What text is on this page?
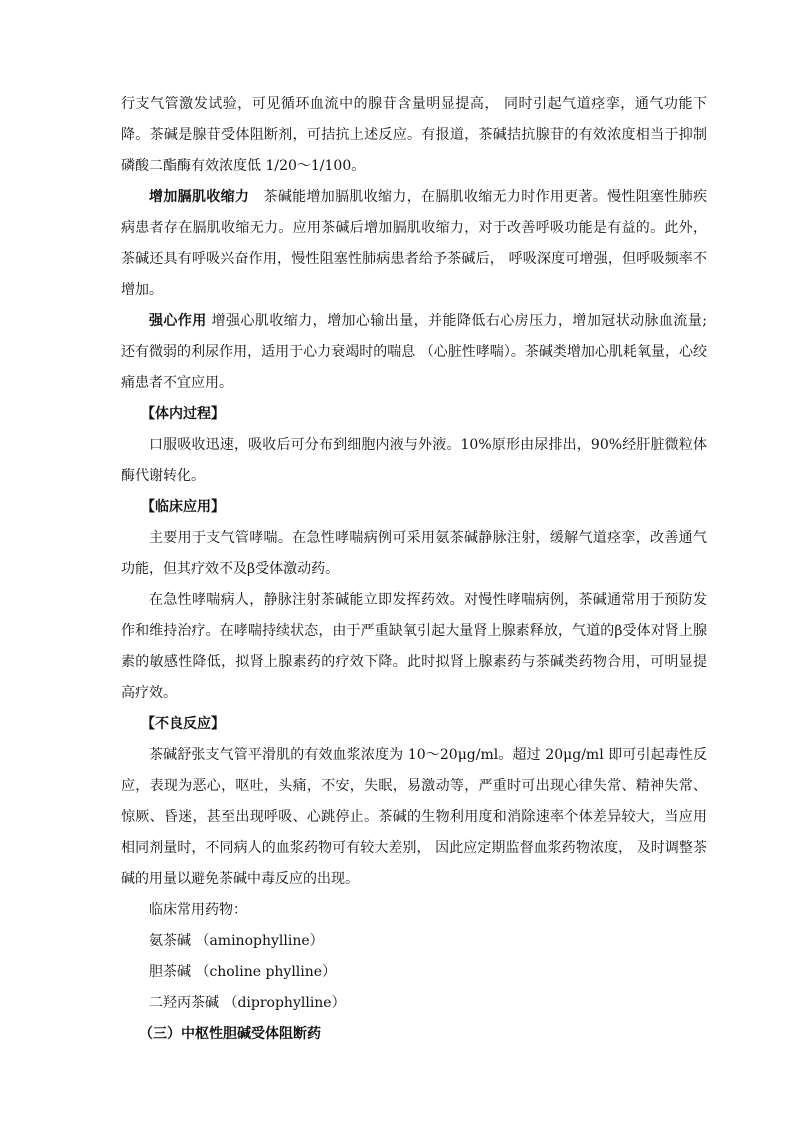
行支气管激发试验，可见循环血流中的腺苷含量明显提高， 同时引起气道痉挛，通气功能下降。茶碱是腺苷受体阻断剂，可拮抗上述反应。有报道，茶碱拮抗腺苷的有效浓度相当于抑制磷酸二酯酶有效浓度低 1/20～1/100。

增加膈肌收缩力　茶碱能增加膈肌收缩力，在膈肌收缩无力时作用更著。慢性阻塞性肺疾病患者存在膈肌收缩无力。应用茶碱后增加膈肌收缩力，对于改善呼吸功能是有益的。此外，茶碱还具有呼吸兴奋作用，慢性阻塞性肺病患者给予茶碱后， 呼吸深度可增强，但呼吸频率不增加。

强心作用 增强心肌收缩力，增加心输出量，并能降低右心房压力，增加冠状动脉血流量; 还有微弱的利尿作用，适用于心力衰竭时的喘息 （心脏性哮喘）。茶碱类增加心肌耗氧量，心绞痛患者不宜应用。

【体内过程】

口服吸收迅速，吸收后可分布到细胞内液与外液。10%原形由尿排出，90%经肝脏微粒体酶代谢转化。

【临床应用】

主要用于支气管哮喘。在急性哮喘病例可采用氨茶碱静脉注射，缓解气道痉挛，改善通气功能，但其疗效不及β受体激动药。

在急性哮喘病人，静脉注射茶碱能立即发挥药效。对慢性哮喘病例，茶碱通常用于预防发作和维持治疗。在哮喘持续状态，由于严重缺氧引起大量肾上腺素释放，气道的β受体对肾上腺素的敏感性降低，拟肾上腺素药的疗效下降。此时拟肾上腺素药与茶碱类药物合用，可明显提高疗效。

【不良反应】

茶碱舒张支气管平滑肌的有效血浆浓度为 10～20μg/ml。超过 20μg/ml 即可引起毒性反应，表现为恶心，呕吐，头痛，不安，失眠，易激动等，严重时可出现心律失常、精神失常、惊厥、昏迷，甚至出现呼吸、心跳停止。茶碱的生物利用度和消除速率个体差异较大，当应用相同剂量时，不同病人的血浆药物可有较大差别， 因此应定期监督血浆药物浓度， 及时调整茶碱的用量以避免茶碱中毒反应的出现。

临床常用药物：

氨茶碱 （aminophylline）

胆茶碱 （choline phylline）

二羟丙茶碱 （diprophylline）

（三）中枢性胆碱受体阻断药
